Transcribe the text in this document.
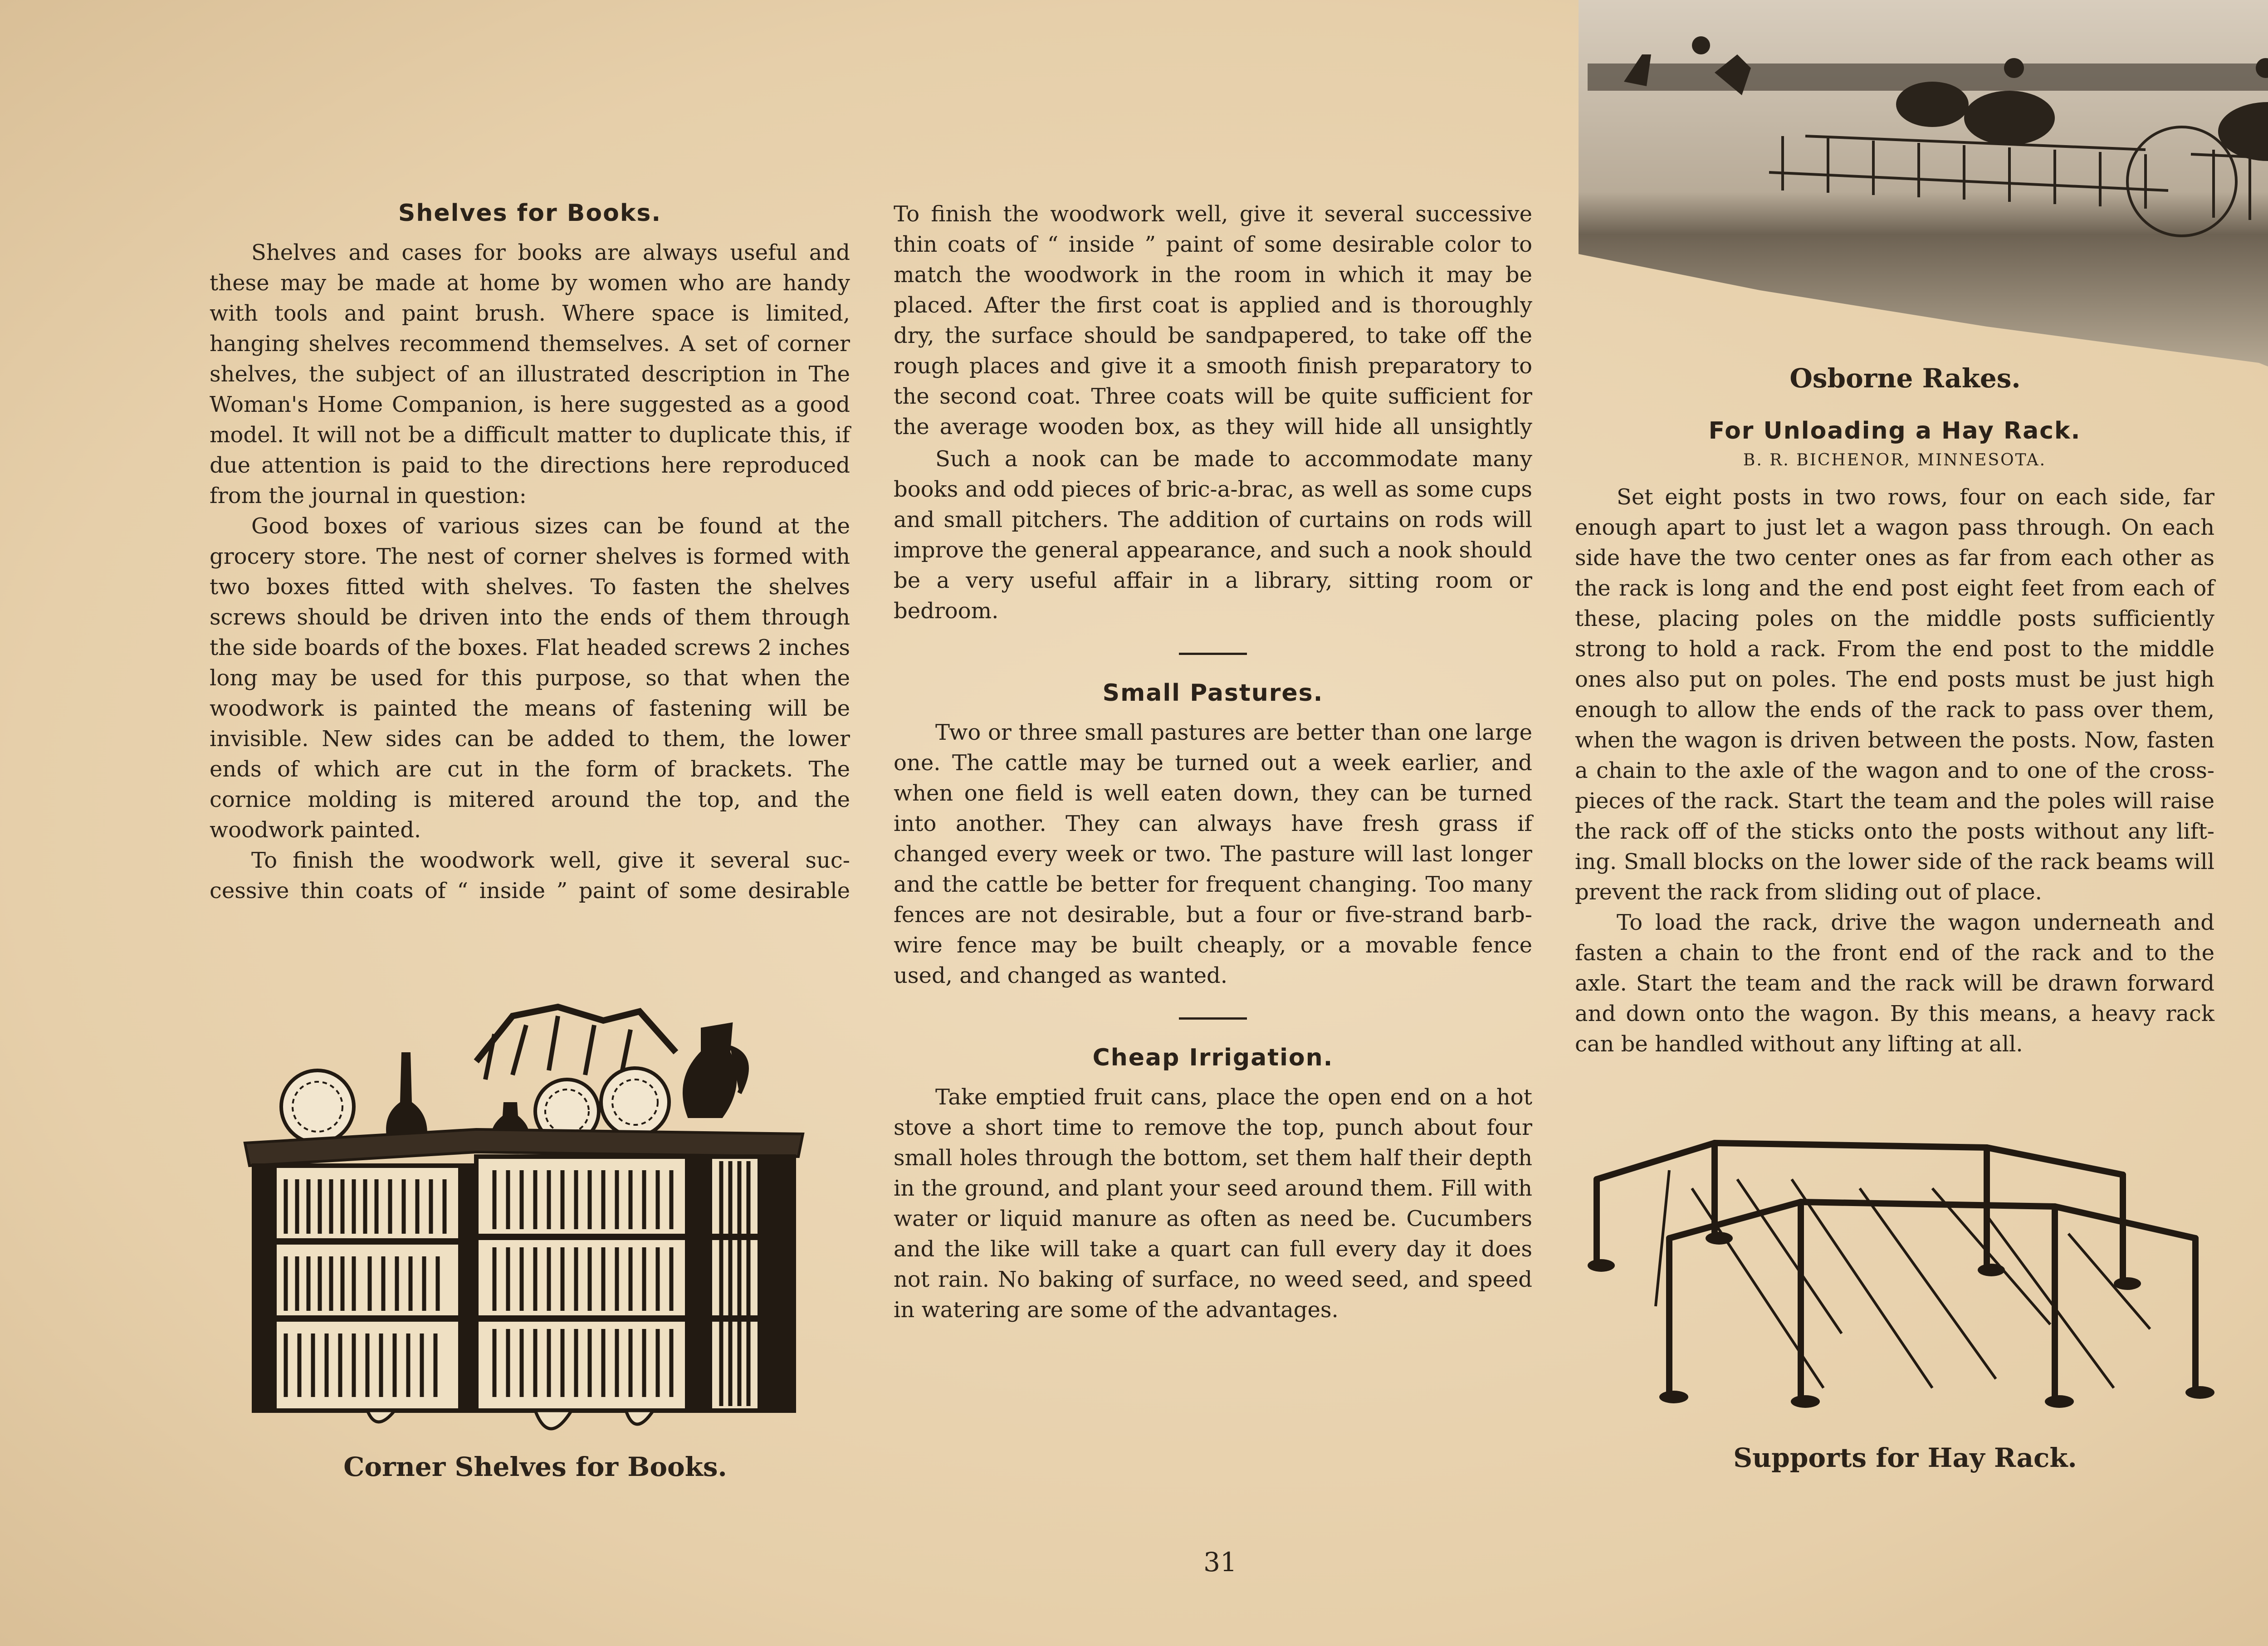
Shelves for Books.

Shelves and cases for books are always useful and these may be made at home by women who are handy with tools and paint brush. Where space is limited, hanging shelves recommend themselves. A set of corner shelves, the subject of an illustrated description in The Woman's Home Companion, is here suggested as a good model. It will not be a difficult matter to duplicate this, if due attention is paid to the directions here reproduced from the journal in question:

Good boxes of various sizes can be found at the grocery store. The nest of corner shelves is formed with two boxes fitted with shelves. To fasten the shelves screws should be driven into the ends of them through the side boards of the boxes. Flat headed screws 2 inches long may be used for this purpose, so that when the woodwork is painted the means of fastening will be invisible. New sides can be added to them, the lower ends of which are cut in the form of brackets. The cornice molding is mitered around the top, and the woodwork painted.

To finish the woodwork well, give it several successive thin coats of “ inside ” paint of some desirable

Corner Shelves for Books.

To finish the woodwork well, give it several successive thin coats of “ inside ” paint of some desirable color to match the woodwork in the room in which it may be placed. After the first coat is applied and is thoroughly dry, the surface should be sandpapered, to take off the rough places and give it a smooth finish preparatory to the second coat. Three coats will be quite sufficient for the average wooden box, as they will hide all unsightly

Such a nook can be made to accommodate many books and odd pieces of bric-a-brac, as well as some cups and small pitchers. The addition of curtains on rods will improve the general appearance, and such a nook should be a very useful affair in a library, sitting room or bedroom.

Small Pastures.

Two or three small pastures are better than one large one. The cattle may be turned out a week earlier, and when one field is well eaten down, they can be turned into another. They can always have fresh grass if changed every week or two. The pasture will last longer and the cattle be better for frequent changing. Too many fences are not desirable, but a four or five-strand barb-wire fence may be built cheaply, or a movable fence used, and changed as wanted.

Cheap Irrigation.

Take emptied fruit cans, place the open end on a hot stove a short time to remove the top, punch about four small holes through the bottom, set them half their depth in the ground, and plant your seed around them. Fill with water or liquid manure as often as need be. Cucumbers and the like will take a quart can full every day it does not rain. No baking of surface, no weed seed, and speed in watering are some of the advantages.

Osborne Rakes.
For Unloading a Hay Rack.
B. R. BICHENOR, MINNESOTA.

Set eight posts in two rows, four on each side, far enough apart to just let a wagon pass through. On each side have the two center ones as far from each other as the rack is long and the end post eight feet from each of these, placing poles on the middle posts sufficiently strong to hold a rack. From the end post to the middle ones also put on poles. The end posts must be just high enough to allow the ends of the rack to pass over them, when the wagon is driven between the posts. Now, fasten a chain to the axle of the wagon and to one of the cross-pieces of the rack. Start the team and the poles will raise the rack off of the sticks onto the posts without any lifting. Small blocks on the lower side of the rack beams will prevent the rack from sliding out of place.

To load the rack, drive the wagon underneath and fasten a chain to the front end of the rack and to the axle. Start the team and the rack will be drawn forward and down onto the wagon. By this means, a heavy rack can be handled without any lifting at all.

Supports for Hay Rack.
31
